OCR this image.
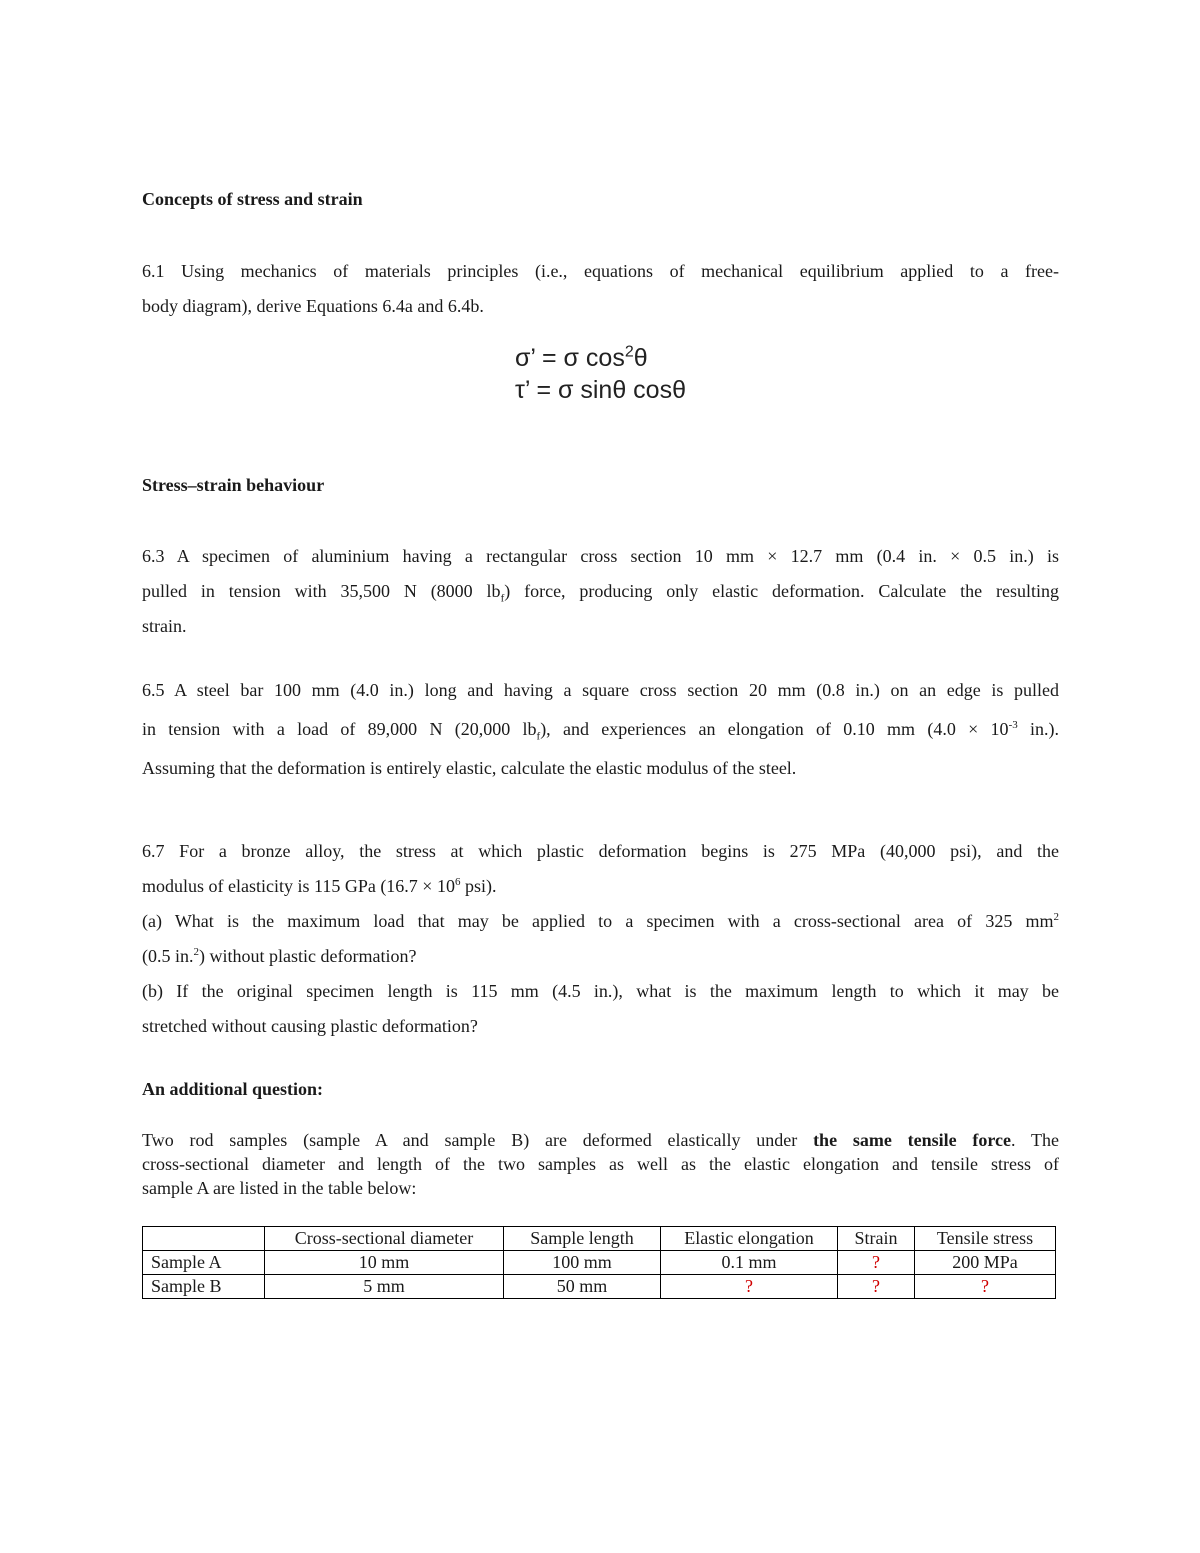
Concepts of stress and strain

6.1 Using mechanics of materials principles (i.e., equations of mechanical equilibrium applied to a free-
body diagram), derive Equations 6.4a and 6.4b.

σ’ = σ $\cos^2\theta$
τ’ = σ sinθ cosθ
Stress–strain behaviour

6.3 A specimen of aluminium having a rectangular cross section 10 mm × 12.7 mm (0.4 in. × 0.5 in.) is
pulled in tension with 35,500 N (8000 $lb_f$) force, producing only elastic deformation. Calculate the resulting
strain.

6.5 A steel bar 100 mm (4.0 in.) long and having a square cross section 20 mm (0.8 in.) on an edge is pulled
in tension with a load of 89,000 N (20,000 $lb_f$), and experiences an elongation of 0.10 mm ($4.0 \times 10^{-3}$ in.).
Assuming that the deformation is entirely elastic, calculate the elastic modulus of the steel.

6.7 For a bronze alloy, the stress at which plastic deformation begins is 275 MPa (40,000 psi), and the
modulus of elasticity is 115 GPa ($16.7 \times 10^6$ psi).
(a) What is the maximum load that may be applied to a specimen with a cross-sectional area of 325 $mm^2$
(0.5 in.$^2$) without plastic deformation?
(b) If the original specimen length is 115 mm (4.5 in.), what is the maximum length to which it may be
stretched without causing plastic deformation?

An additional question:

Two rod samples (sample A and sample B) are deformed elastically under the same tensile force. The
cross-sectional diameter and length of the two samples as well as the elastic elongation and tensile stress of
sample A are listed in the table below:

	Cross-sectional diameter	Sample length	Elastic elongation	Strain	Tensile stress
Sample A	10 mm	100 mm	0.1 mm	?	200 MPa
Sample B	5 mm	50 mm	?	?	?
